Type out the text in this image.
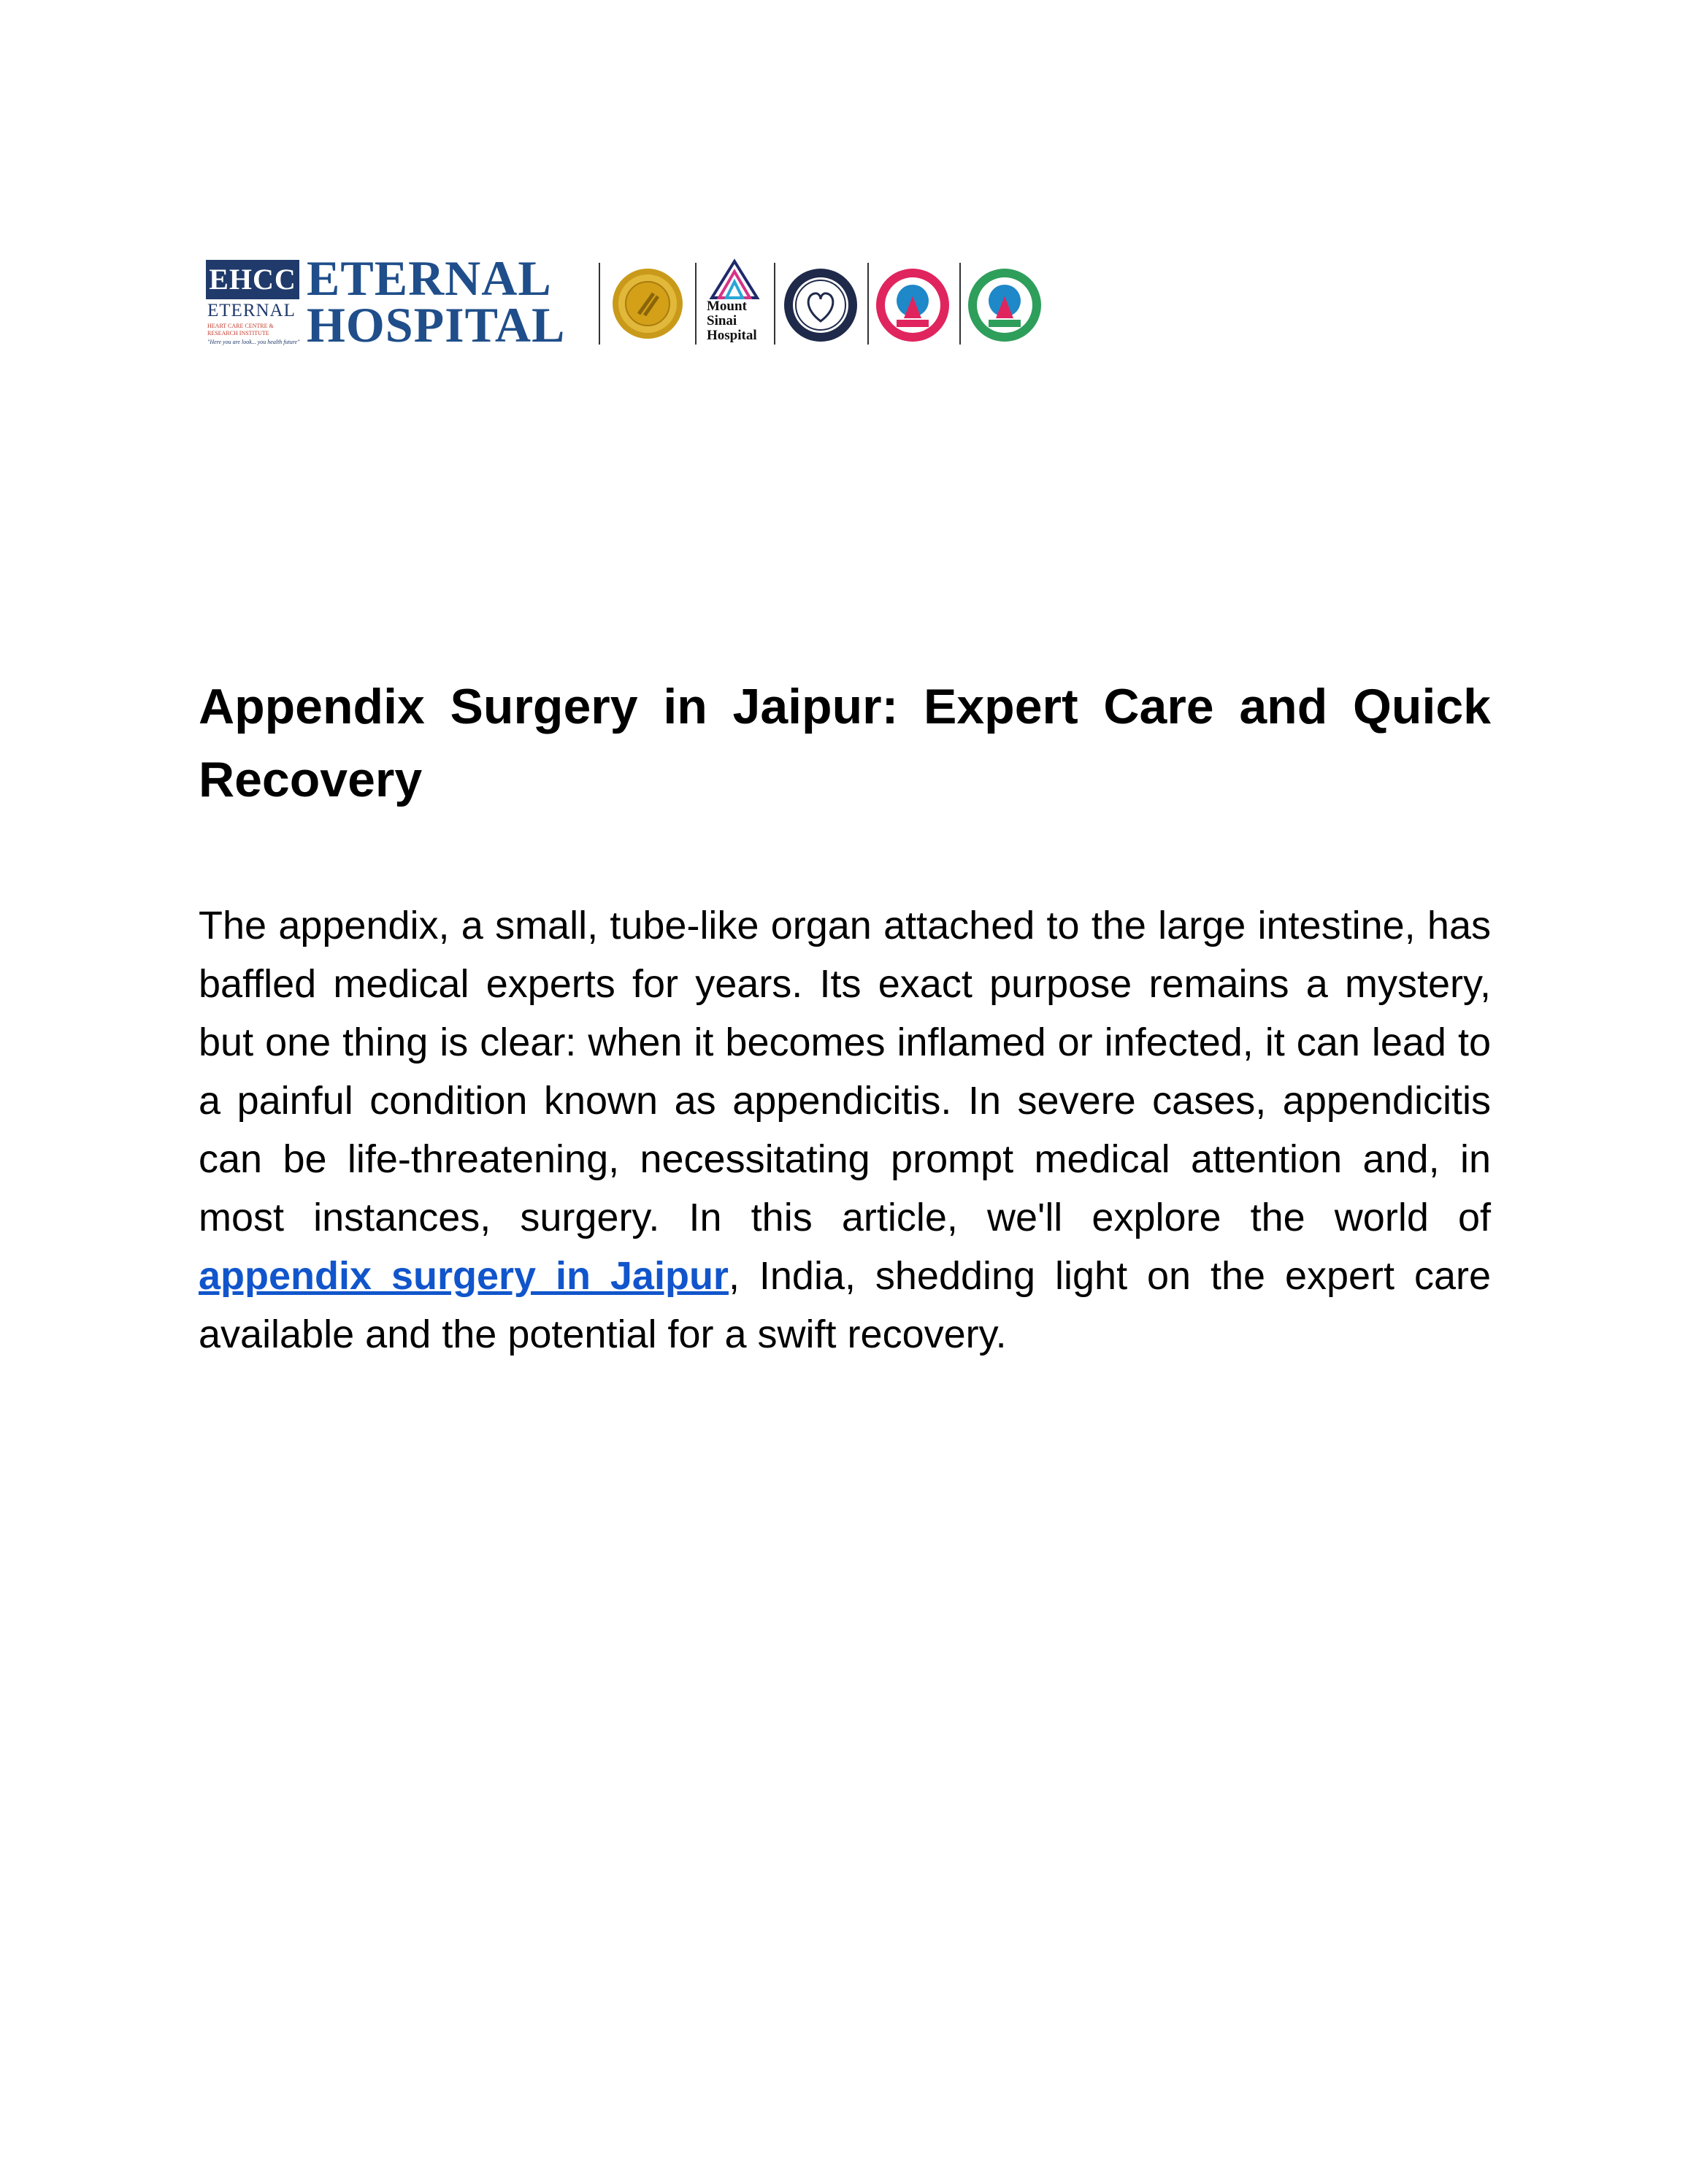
EHCC
ETERNAL
HEART CARE CENTRE & RESEARCH INSTITUTE
"Here you are look... you health future"
ETERNAL
HOSPITAL	Mount
Sinai
Hospital
Appendix Surgery in Jaipur: Expert Care and Quick Recovery

The appendix, a small, tube-like organ attached to the large intestine, has baffled medical experts for years. Its exact purpose remains a mystery, but one thing is clear: when it becomes inflamed or infected, it can lead to a painful condition known as appendicitis. In severe cases, appendicitis can be life-threatening, necessitating prompt medical attention and, in most instances, surgery. In this article, we'll explore the world of appendix surgery in Jaipur, India, shedding light on the expert care available and the potential for a swift recovery.
